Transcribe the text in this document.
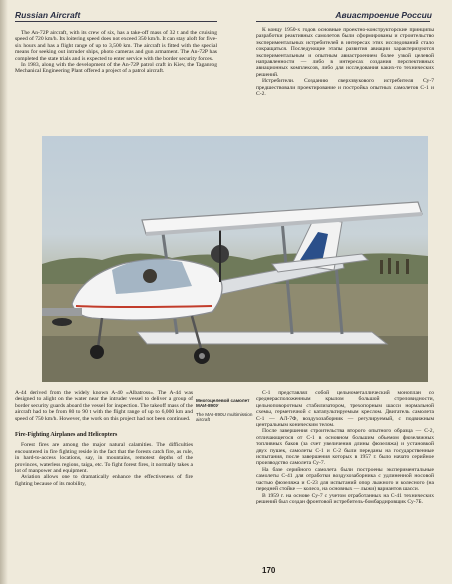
Russian Aircraft	Авиастроение России

The An-72P aircraft, with its crew of six, has a take-off mass of 32 t and the cruising speed of 720 km/h. Its loitering speed does not exceed 350 km/h. It can stay aloft for five-six hours and has a flight range of up to 3,500 km. The aircraft is fitted with the special means for seeking out intruder ships, photo cameras and gun armament. The An-72P has completed the state trials and is expected to enter service with the border security forces.

In 1983, along with the development of the An-72P patrol craft in Kiev, the Taganrog Mechanical Engineering Plant offered a project of a patrol aircraft.

К концу 1950-х годов основные проектно-конструкторские принципы разработки реактивных самолетов были сформированы и строительство экспериментальных истребителей в интересах этих исследований стало сокращаться. Последующие этапы развития авиации характеризуются экспериментальным и опытным авиастроением более узкой целевой направленности — либо в интересах создания перспективных авиационных комплексов, либо для исследования каких-то технических решений.

Истребители. Созданию сверхзвукового истребителя Су-7 предшествовали проектирование и постройка опытных самолетов С-1 и С-2.

Многоцелевой самолет МАИ-890У
The MAI-890U multimission aircraft

A-44 derived from the widely known A-40 «Albatross». The A-44 was designed to alight on the water near the intruder vessel to deliver a group of border security guards aboard the vessel for inspection. The takeoff mass of the aircraft had to be from 80 to 90 t with the flight range of up to 6,000 km and speed of 750 km/h. However, the work on this project had not been continued.

Fire-Fighting Airplanes and Helicopters

Forest fires are among the major natural calamities. The difficulties encountered in fire fighting reside in the fact that the forests catch fire, as rule, in hard-to-access locations, say, in mountains, remotest depths of the provinces, waterless regions, taiga, etc. To fight forest fires, it normally takes a lot of manpower and equipment.

Aviation allows one to dramatically enhance the effectiveness of fire fighting because of its mobility,

С-1 представлял собой цельнометаллический моноплан со среднерасположенным крылом большой стреловидности, цельноповоротным стабилизатором, трехопорным шасси нормальной схемы, герметичной с катапультируемым креслом. Двигатель самолета С-1 — АЛ-7Ф, воздухозаборник — регулируемый, с подвижным центральным коническим телом.

После завершения строительства второго опытного образца — С-2, отличающегося от С-1 в основном большим объемом фюзеляжных топливных баков (за счет увеличения длины фюзеляжа) и установкой двух пушек, самолеты С-1 и С-2 были переданы на государственные испытания, после завершения которых в 1957 г. было начато серийное производство самолета Су-7.

На базе серийного самолета были построены экспериментальные самолеты С-41 для отработки воздухозаборника с удлиненной носовой частью фюзеляжа и С-23 для испытаний опор лыжного и колесного (на передней стойке — колесо, на основных — лыжи) вариантов шасси.

В 1959 г. на основе Су-7 с учетом отработанных на С-41 технических решений был создан фронтовой истребитель-бомбардировщик Су-7Б.

170
